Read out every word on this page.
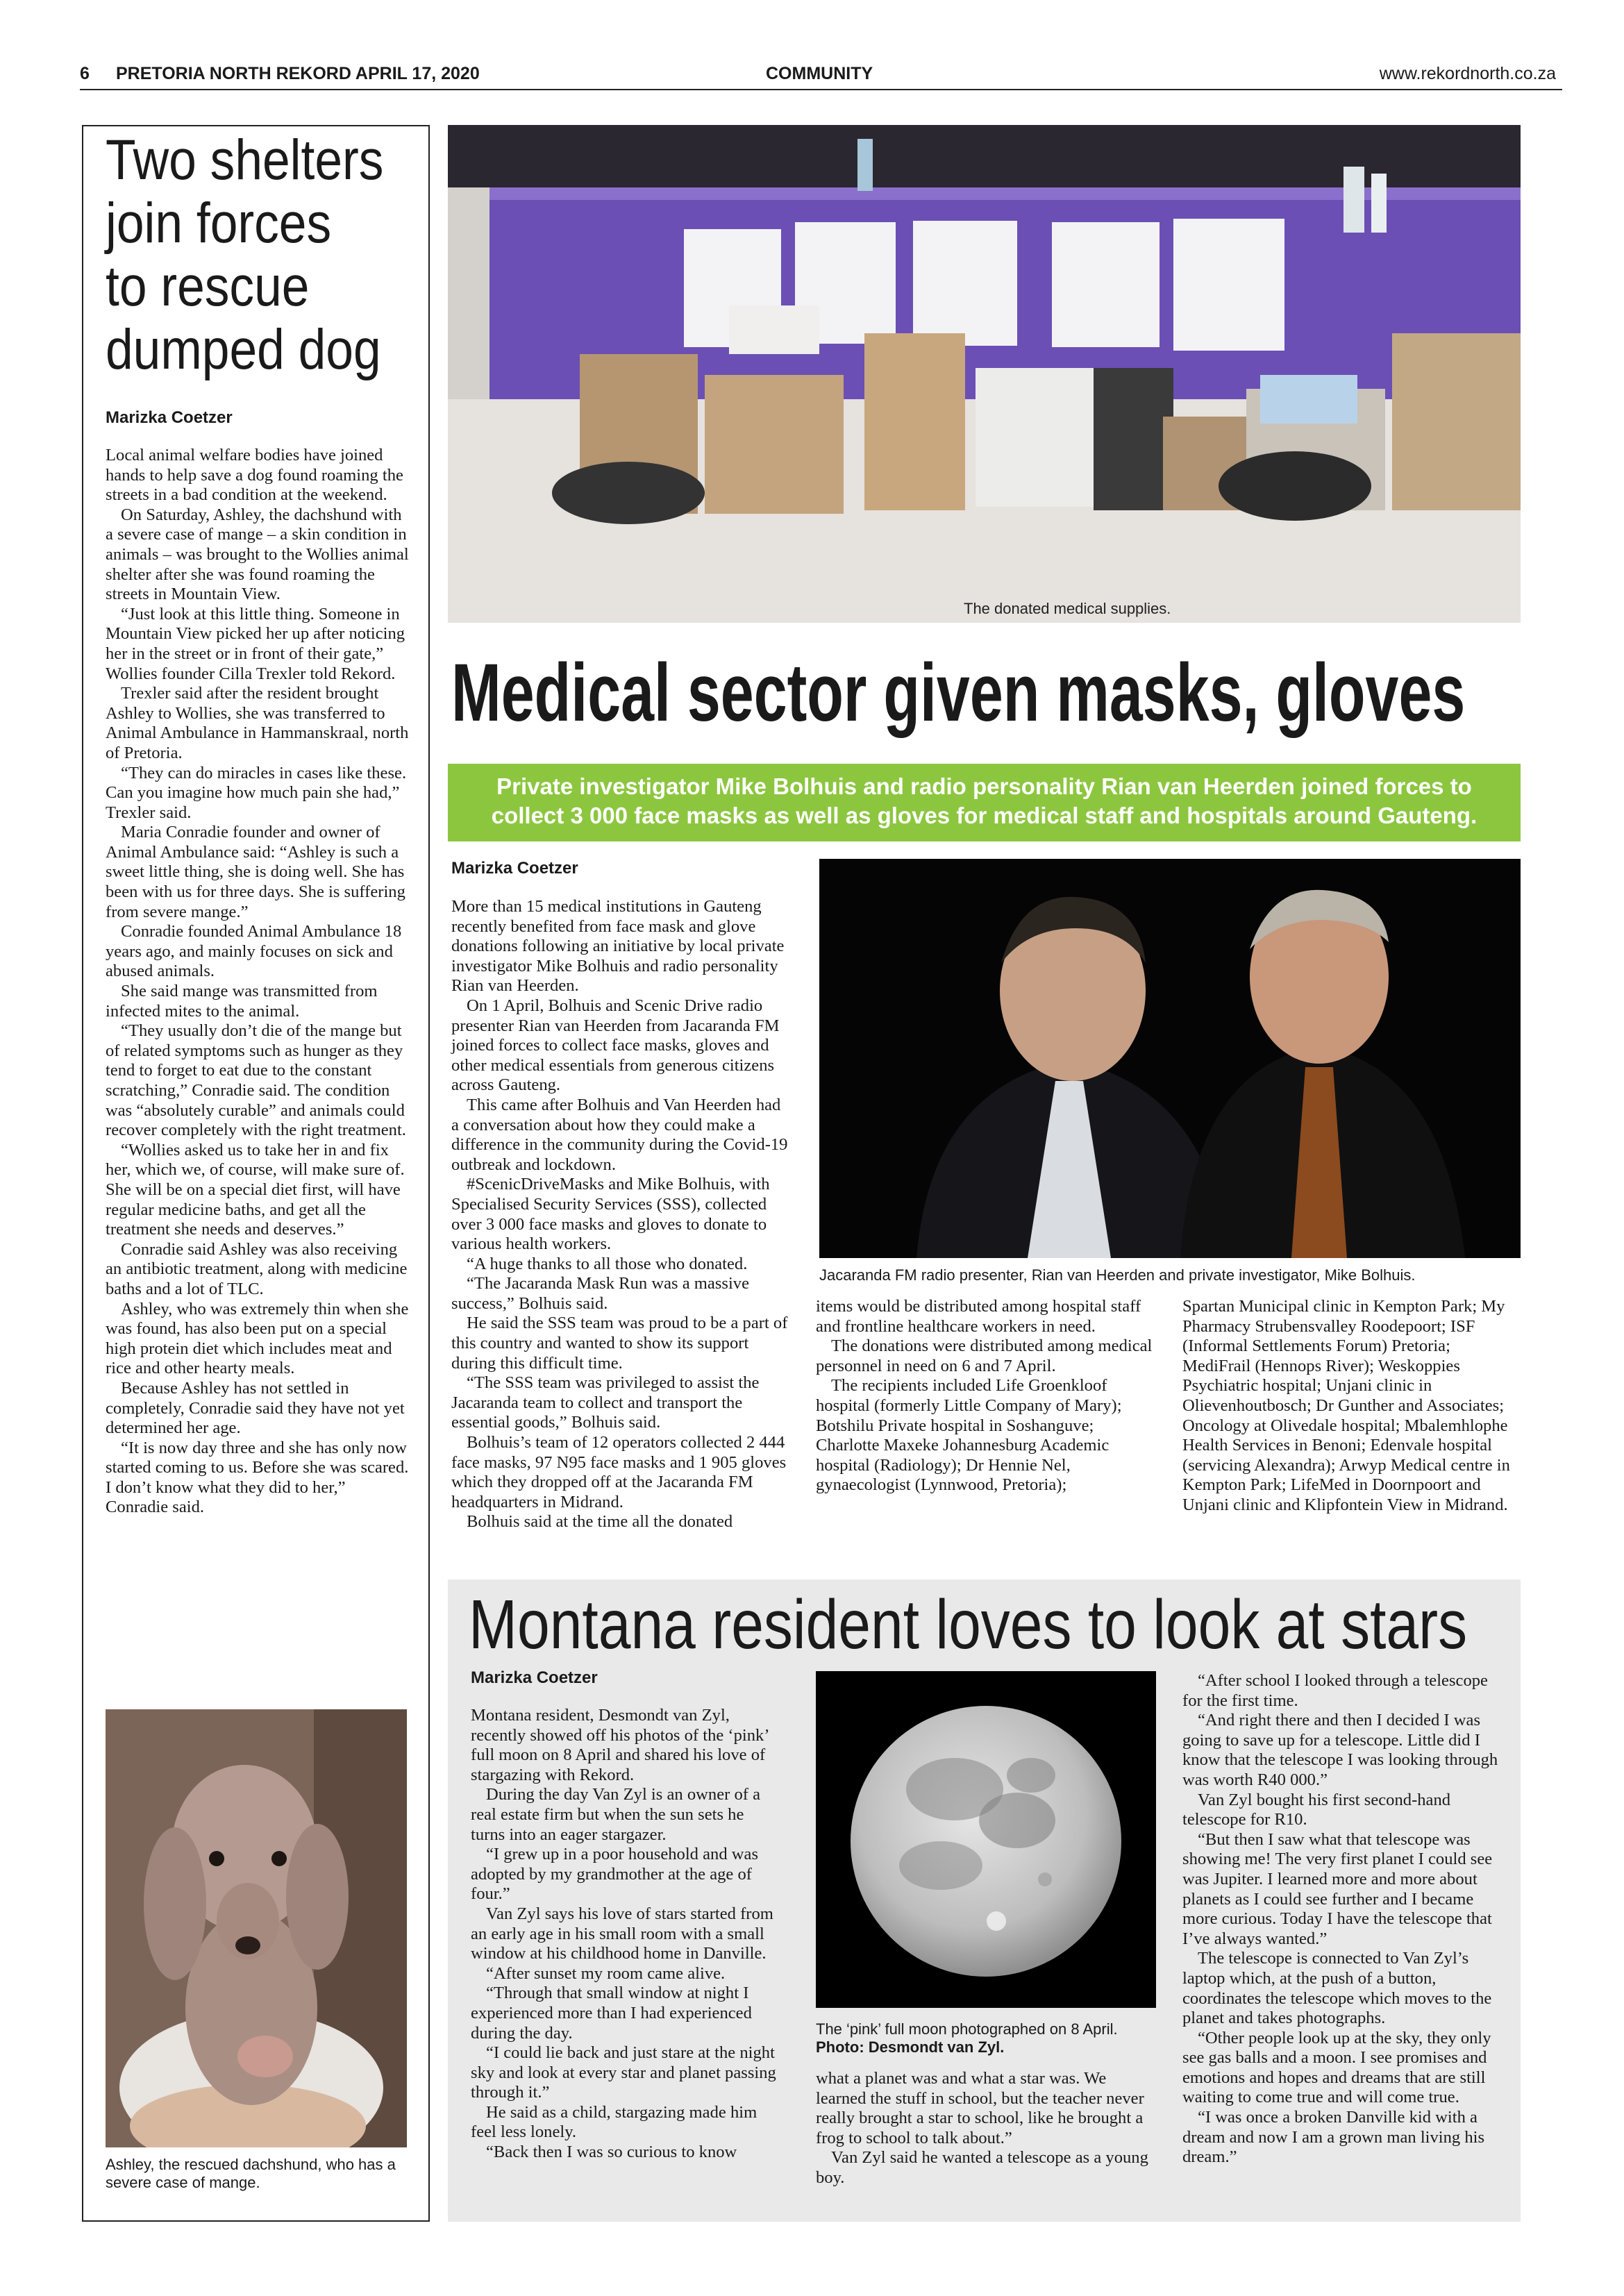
6 PRETORIA NORTH REKORD APRIL 17, 2020	COMMUNITY	www.rekordnorth.co.za
Two shelters
join forces
to rescue
dumped dog
Marizka Coetzer

Local animal welfare bodies have joined hands to help save a dog found roaming the streets in a bad condition at the weekend.

On Saturday, Ashley, the dachshund with a severe case of mange – a skin condition in animals – was brought to the Wollies animal shelter after she was found roaming the streets in Mountain View.

“Just look at this little thing. Someone in Mountain View picked her up after noticing her in the street or in front of their gate,” Wollies founder Cilla Trexler told Rekord.

Trexler said after the resident brought Ashley to Wollies, she was transferred to Animal Ambulance in Hammanskraal, north of Pretoria.

“They can do miracles in cases like these. Can you imagine how much pain she had,” Trexler said.

Maria Conradie founder and owner of Animal Ambulance said: “Ashley is such a sweet little thing, she is doing well. She has been with us for three days. She is suffering from severe mange.”

Conradie founded Animal Ambulance 18 years ago, and mainly focuses on sick and abused animals.

She said mange was transmitted from infected mites to the animal.

“They usually don’t die of the mange but of related symptoms such as hunger as they tend to forget to eat due to the constant scratching,” Conradie said. The condition was “absolutely curable” and animals could recover completely with the right treatment.

“Wollies asked us to take her in and fix her, which we, of course, will make sure of. She will be on a special diet first, will have regular medicine baths, and get all the treatment she needs and deserves.”

Conradie said Ashley was also receiving an antibiotic treatment, along with medicine baths and a lot of TLC.

Ashley, who was extremely thin when she was found, has also been put on a special high protein diet which includes meat and rice and other hearty meals.

Because Ashley has not settled in completely, Conradie said they have not yet determined her age.

“It is now day three and she has only now started coming to us. Before she was scared. I don’t know what they did to her,” Conradie said.

Ashley, the rescued dachshund, who has a severe case of mange.
The donated medical supplies.
Medical sector given masks, gloves
Private investigator Mike Bolhuis and radio personality Rian van Heerden joined forces to collect 3 000 face masks as well as gloves for medical staff and hospitals around Gauteng.
Marizka Coetzer

More than 15 medical institutions in Gauteng recently benefited from face mask and glove donations following an initiative by local private investigator Mike Bolhuis and radio personality Rian van Heerden.

On 1 April, Bolhuis and Scenic Drive radio presenter Rian van Heerden from Jacaranda FM joined forces to collect face masks, gloves and other medical essentials from generous citizens across Gauteng.

This came after Bolhuis and Van Heerden had a conversation about how they could make a difference in the community during the Covid-19 outbreak and lockdown.

#ScenicDriveMasks and Mike Bolhuis, with Specialised Security Services (SSS), collected over 3 000 face masks and gloves to donate to various health workers.

“A huge thanks to all those who donated.

“The Jacaranda Mask Run was a massive success,” Bolhuis said.

He said the SSS team was proud to be a part of this country and wanted to show its support during this difficult time.

“The SSS team was privileged to assist the Jacaranda team to collect and transport the essential goods,” Bolhuis said.

Bolhuis’s team of 12 operators collected 2 444 face masks, 97 N95 face masks and 1 905 gloves which they dropped off at the Jacaranda FM headquarters in Midrand.

Bolhuis said at the time all the donated

Jacaranda FM radio presenter, Rian van Heerden and private investigator, Mike Bolhuis.

items would be distributed among hospital staff and frontline healthcare workers in need.

The donations were distributed among medical personnel in need on 6 and 7 April.

The recipients included Life Groenkloof hospital (formerly Little Company of Mary); Botshilu Private hospital in Soshanguve; Charlotte Maxeke Johannesburg Academic hospital (Radiology); Dr Hennie Nel, gynaecologist (Lynnwood, Pretoria);

Spartan Municipal clinic in Kempton Park; My Pharmacy Strubensvalley Roodepoort; ISF (Informal Settlements Forum) Pretoria; MediFrail (Hennops River); Weskoppies Psychiatric hospital; Unjani clinic in Olievenhoutbosch; Dr Gunther and Associates; Oncology at Olivedale hospital; Mbalemhlophe Health Services in Benoni; Edenvale hospital (servicing Alexandra); Arwyp Medical centre in Kempton Park; LifeMed in Doornpoort and Unjani clinic and Klipfontein View in Midrand.

Montana resident loves to look at stars
Marizka Coetzer

Montana resident, Desmondt van Zyl, recently showed off his photos of the ‘pink’ full moon on 8 April and shared his love of stargazing with Rekord.

During the day Van Zyl is an owner of a real estate firm but when the sun sets he turns into an eager stargazer.

“I grew up in a poor household and was adopted by my grandmother at the age of four.”

Van Zyl says his love of stars started from an early age in his small room with a small window at his childhood home in Danville.

“After sunset my room came alive.

“Through that small window at night I experienced more than I had experienced during the day.

“I could lie back and just stare at the night sky and look at every star and planet passing through it.”

He said as a child, stargazing made him feel less lonely.

“Back then I was so curious to know

The ‘pink’ full moon photographed on 8 April.
Photo: Desmondt van Zyl.

what a planet was and what a star was. We learned the stuff in school, but the teacher never really brought a star to school, like he brought a frog to school to talk about.”

Van Zyl said he wanted a telescope as a young boy.

“After school I looked through a telescope for the first time.

“And right there and then I decided I was going to save up for a telescope. Little did I know that the telescope I was looking through was worth R40 000.”

Van Zyl bought his first second-hand telescope for R10.

“But then I saw what that telescope was showing me! The very first planet I could see was Jupiter. I learned more and more about planets as I could see further and I became more curious. Today I have the telescope that I’ve always wanted.”

The telescope is connected to Van Zyl’s laptop which, at the push of a button, coordinates the telescope which moves to the planet and takes photographs.

“Other people look up at the sky, they only see gas balls and a moon. I see promises and emotions and hopes and dreams that are still waiting to come true and will come true.

“I was once a broken Danville kid with a dream and now I am a grown man living his dream.”
